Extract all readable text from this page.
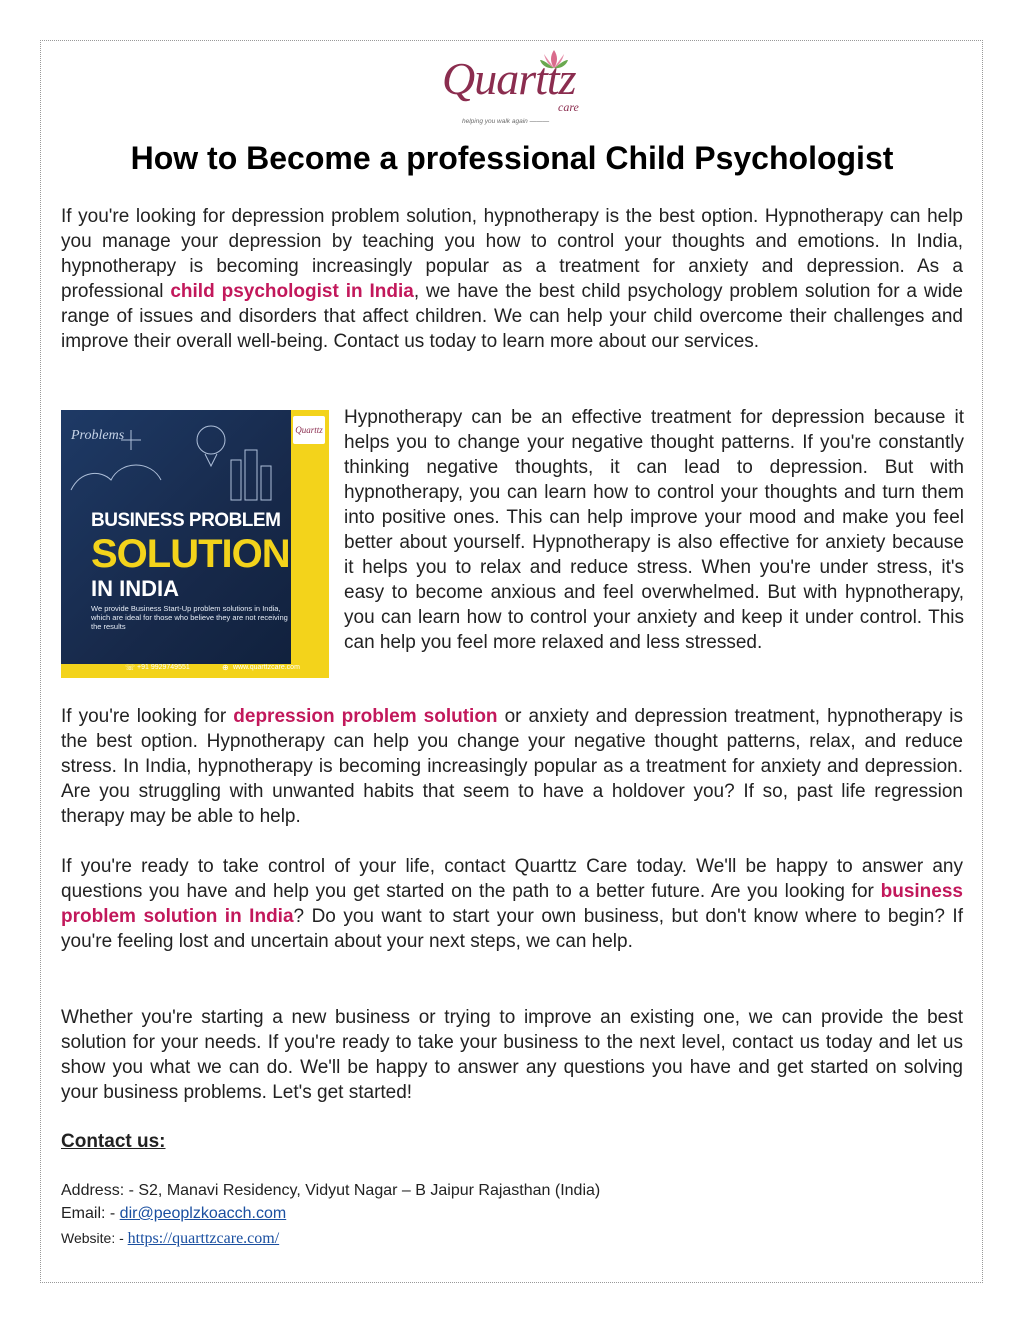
Quarttz
care
helping you walk again ———
How to Become a professional Child Psychologist

If you're looking for depression problem solution, hypnotherapy is the best option. Hypnotherapy can help you manage your depression by teaching you how to control your thoughts and emotions. In India, hypnotherapy is becoming increasingly popular as a treatment for anxiety and depression. As a professional child psychologist in India, we have the best child psychology problem solution for a wide range of issues and disorders that affect children. We can help your child overcome their challenges and improve their overall well-being. Contact us today to learn more about our services.

Problems	Quarttz
BUSINESS PROBLEM
SOLUTION
IN INDIA
We provide Business Start-Up problem solutions in India, which are ideal for those who believe they are not receiving the results
☏ +91 9929749551	⊕ www.quarttzcare.com

Hypnotherapy can be an effective treatment for depression because it helps you to change your negative thought patterns. If you're constantly thinking negative thoughts, it can lead to depression. But with hypnotherapy, you can learn how to control your thoughts and turn them into positive ones. This can help improve your mood and make you feel better about yourself. Hypnotherapy is also effective for anxiety because it helps you to relax and reduce stress. When you're under stress, it's easy to become anxious and feel overwhelmed. But with hypnotherapy, you can learn how to control your anxiety and keep it under control. This can help you feel more relaxed and less stressed.

If you're looking for depression problem solution or anxiety and depression treatment, hypnotherapy is the best option. Hypnotherapy can help you change your negative thought patterns, relax, and reduce stress. In India, hypnotherapy is becoming increasingly popular as a treatment for anxiety and depression. Are you struggling with unwanted habits that seem to have a holdover you? If so, past life regression therapy may be able to help.

If you're ready to take control of your life, contact Quarttz Care today. We'll be happy to answer any questions you have and help you get started on the path to a better future. Are you looking for business problem solution in India? Do you want to start your own business, but don't know where to begin? If you're feeling lost and uncertain about your next steps, we can help.

Whether you're starting a new business or trying to improve an existing one, we can provide the best solution for your needs. If you're ready to take your business to the next level, contact us today and let us show you what we can do. We'll be happy to answer any questions you have and get started on solving your business problems. Let's get started!

Contact us:

Address: - S2, Manavi Residency, Vidyut Nagar – B Jaipur Rajasthan (India)
Email: - dir@peoplzkoacch.com
Website: - https://quarttzcare.com/
